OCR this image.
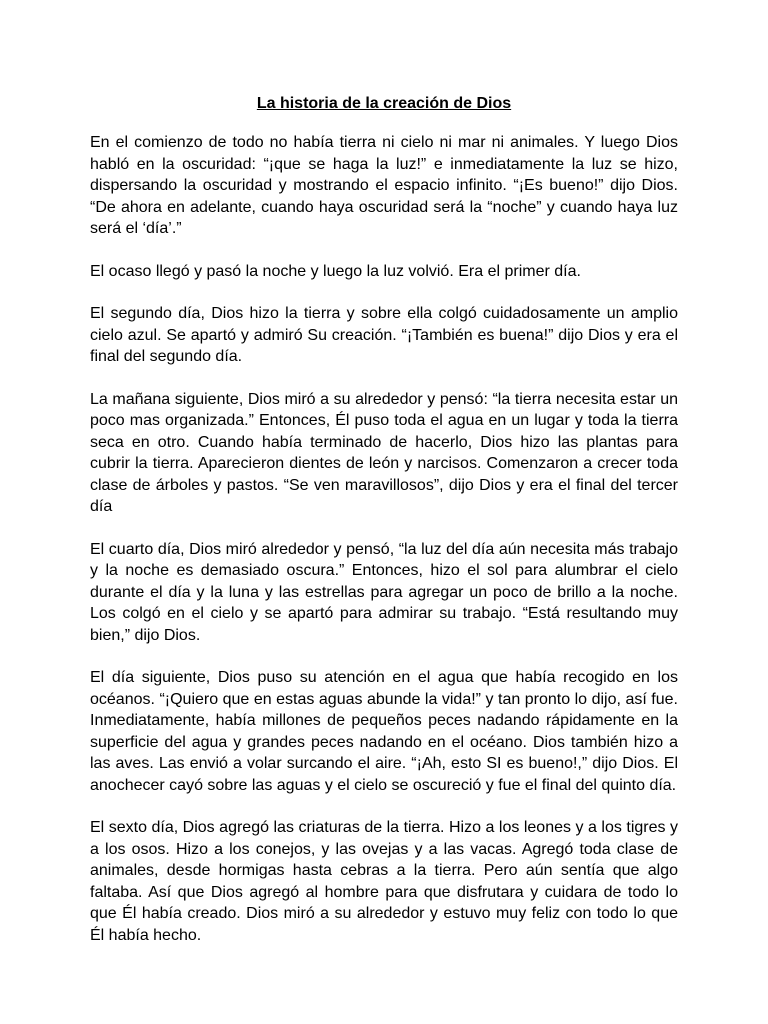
La historia de la creación de Dios

En el comienzo de todo no había tierra ni cielo ni mar ni animales. Y luego Dios habló en la oscuridad: “¡que se haga la luz!” e inmediatamente la luz se hizo, dispersando la oscuridad y mostrando el espacio infinito. “¡Es bueno!” dijo Dios. “De ahora en adelante, cuando haya oscuridad será la “noche” y cuando haya luz será el ‘día’.”

El ocaso llegó y pasó la noche y luego la luz volvió. Era el primer día.

El segundo día, Dios hizo la tierra y sobre ella colgó cuidadosamente un amplio cielo azul. Se apartó y admiró Su creación. “¡También es buena!” dijo Dios y era el final del segundo día.

La mañana siguiente, Dios miró a su alrededor y pensó: “la tierra necesita estar un poco mas organizada.” Entonces, Él puso toda el agua en un lugar y toda la tierra seca en otro. Cuando había terminado de hacerlo, Dios hizo las plantas para cubrir la tierra. Aparecieron dientes de león y narcisos. Comenzaron a crecer toda clase de árboles y pastos. “Se ven maravillosos”, dijo Dios y era el final del tercer día

El cuarto día, Dios miró alrededor y pensó, “la luz del día aún necesita más trabajo y la noche es demasiado oscura.” Entonces, hizo el sol para alumbrar el cielo durante el día y la luna y las estrellas para agregar un poco de brillo a la noche. Los colgó en el cielo y se apartó para admirar su trabajo. “Está resultando muy bien,” dijo Dios.

El día siguiente, Dios puso su atención en el agua que había recogido en los océanos. “¡Quiero que en estas aguas abunde la vida!” y tan pronto lo dijo, así fue. Inmediatamente, había millones de pequeños peces nadando rápidamente en la superficie del agua y grandes peces nadando en el océano. Dios también hizo a las aves. Las envió a volar surcando el aire. “¡Ah, esto SI es bueno!,” dijo Dios. El anochecer cayó sobre las aguas y el cielo se oscureció y fue el final del quinto día.

El sexto día, Dios agregó las criaturas de la tierra. Hizo a los leones y a los tigres y a los osos. Hizo a los conejos, y las ovejas y a las vacas. Agregó toda clase de animales, desde hormigas hasta cebras a la tierra. Pero aún sentía que algo faltaba. Así que Dios agregó al hombre para que disfrutara y cuidara de todo lo que Él había creado. Dios miró a su alrededor y estuvo muy feliz con todo lo que Él había hecho.
